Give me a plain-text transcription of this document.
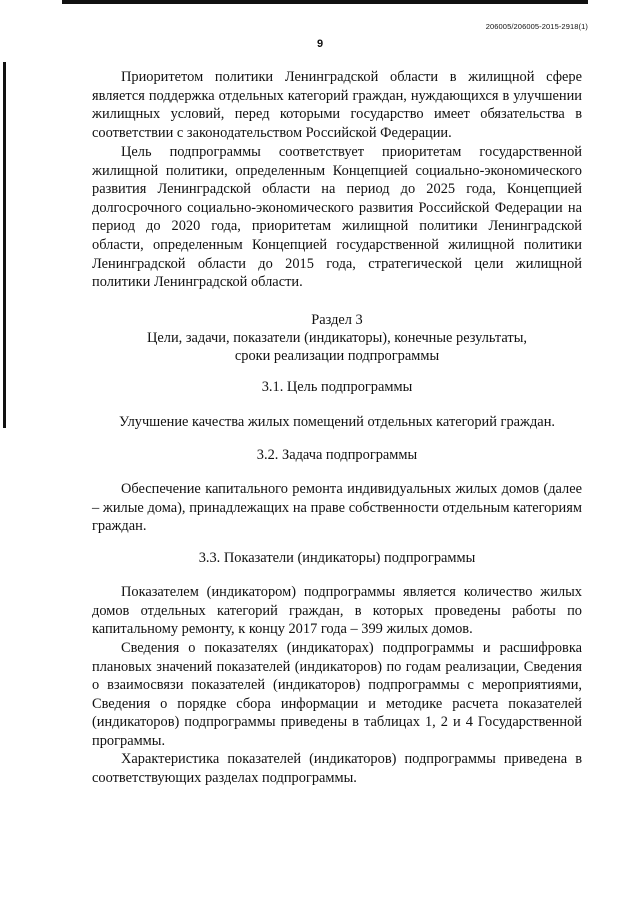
206005/206005-2015-2918(1)
9

Приоритетом политики Ленинградской области в жилищной сфере является поддержка отдельных категорий граждан, нуждающихся в улучшении жилищных условий, перед которыми государство имеет обязательства в соответствии с законодательством Российской Федерации.

Цель подпрограммы соответствует приоритетам государственной жилищной политики, определенным Концепцией социально-экономического развития Ленинградской области на период до 2025 года, Концепцией долгосрочного социально-экономического развития Российской Федерации на период до 2020 года, приоритетам жилищной политики Ленинградской области, определенным Концепцией государственной жилищной политики Ленинградской области до 2015 года, стратегической цели жилищной политики Ленинградской области.

Раздел 3

Цели, задачи, показатели (индикаторы), конечные результаты,

сроки реализации подпрограммы

3.1. Цель подпрограммы

Улучшение качества жилых помещений отдельных категорий граждан.

3.2. Задача подпрограммы

Обеспечение капитального ремонта индивидуальных жилых домов (далее – жилые дома), принадлежащих на праве собственности отдельным категориям граждан.

3.3. Показатели (индикаторы) подпрограммы

Показателем (индикатором) подпрограммы является количество жилых домов отдельных категорий граждан, в которых проведены работы по капитальному ремонту, к концу 2017 года – 399 жилых домов.

Сведения о показателях (индикаторах) подпрограммы и расшифровка плановых значений показателей (индикаторов) по годам реализации, Сведения о взаимосвязи показателей (индикаторов) подпрограммы с мероприятиями, Сведения о порядке сбора информации и методике расчета показателей (индикаторов) подпрограммы приведены в таблицах 1, 2 и 4 Государственной программы.

Характеристика показателей (индикаторов) подпрограммы приведена в соответствующих разделах подпрограммы.
